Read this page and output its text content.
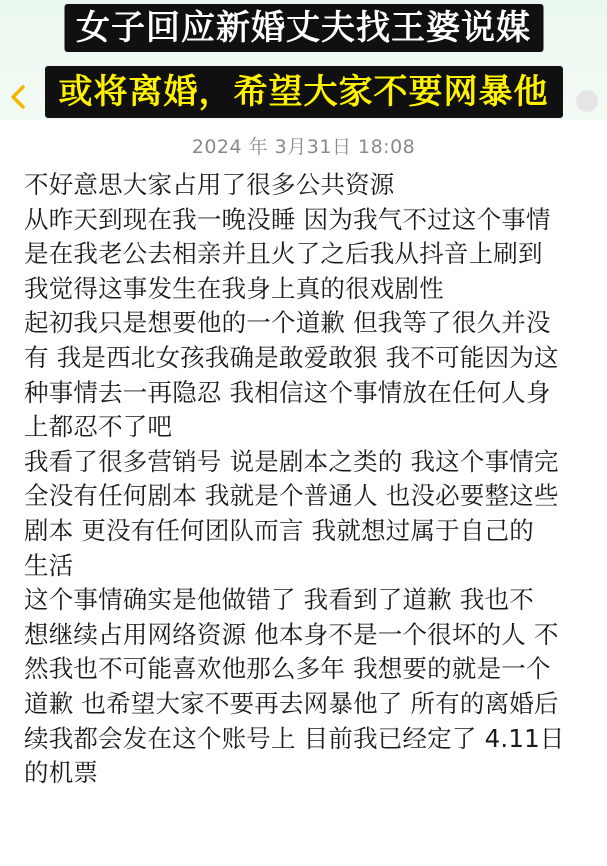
女子回应新婚丈夫找王婆说媒
或将离婚，希望大家不要网暴他
2024 年 3月31日 18:08
不好意思大家占用了很多公共资源
从昨天到现在我一晚没睡 因为我气不过这个事情
是在我老公去相亲并且火了之后我从抖音上刷到
我觉得这事发生在我身上真的很戏剧性
起初我只是想要他的一个道歉 但我等了很久并没
有 我是西北女孩我确是敢爱敢狠 我不可能因为这
种事情去一再隐忍 我相信这个事情放在任何人身
上都忍不了吧
我看了很多营销号 说是剧本之类的 我这个事情完
全没有任何剧本 我就是个普通人 也没必要整这些
剧本 更没有任何团队而言 我就想过属于自己的
生活
这个事情确实是他做错了 我看到了道歉 我也不
想继续占用网络资源 他本身不是一个很坏的人 不
然我也不可能喜欢他那么多年 我想要的就是一个
道歉 也希望大家不要再去网暴他了 所有的离婚后
续我都会发在这个账号上 目前我已经定了 4.11日
的机票
